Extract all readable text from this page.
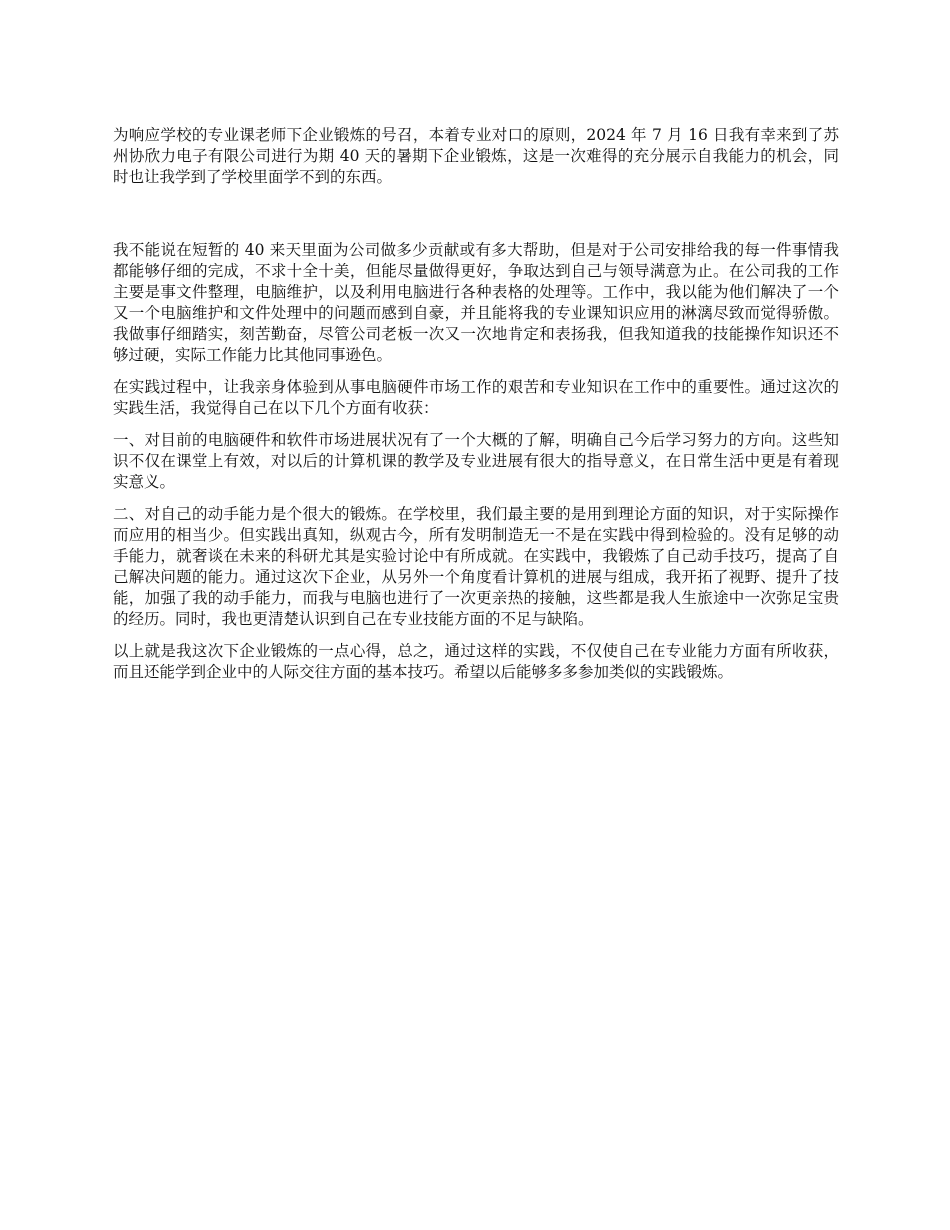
为响应学校的专业课老师下企业锻炼的号召，本着专业对口的原则，2024 年 7 月 16 日我有幸来到了苏州协欣力电子有限公司进行为期 40 天的暑期下企业锻炼，这是一次难得的充分展示自我能力的机会，同时也让我学到了学校里面学不到的东西。

我不能说在短暂的 40 来天里面为公司做多少贡献或有多大帮助，但是对于公司安排给我的每一件事情我都能够仔细的完成，不求十全十美，但能尽量做得更好，争取达到自己与领导满意为止。在公司我的工作主要是事文件整理，电脑维护，以及利用电脑进行各种表格的处理等。工作中，我以能为他们解决了一个又一个电脑维护和文件处理中的问题而感到自豪，并且能将我的专业课知识应用的淋漓尽致而觉得骄傲。我做事仔细踏实，刻苦勤奋，尽管公司老板一次又一次地肯定和表扬我，但我知道我的技能操作知识还不够过硬，实际工作能力比其他同事逊色。

在实践过程中，让我亲身体验到从事电脑硬件市场工作的艰苦和专业知识在工作中的重要性。通过这次的实践生活，我觉得自己在以下几个方面有收获：

一、对目前的电脑硬件和软件市场进展状况有了一个大概的了解，明确自己今后学习努力的方向。这些知识不仅在课堂上有效，对以后的计算机课的教学及专业进展有很大的指导意义，在日常生活中更是有着现实意义。

二、对自己的动手能力是个很大的锻炼。在学校里，我们最主要的是用到理论方面的知识，对于实际操作而应用的相当少。但实践出真知，纵观古今，所有发明制造无一不是在实践中得到检验的。没有足够的动手能力，就奢谈在未来的科研尤其是实验讨论中有所成就。在实践中，我锻炼了自己动手技巧，提高了自己解决问题的能力。通过这次下企业，从另外一个角度看计算机的进展与组成，我开拓了视野、提升了技能，加强了我的动手能力，而我与电脑也进行了一次更亲热的接触，这些都是我人生旅途中一次弥足宝贵的经历。同时，我也更清楚认识到自己在专业技能方面的不足与缺陷。

以上就是我这次下企业锻炼的一点心得，总之，通过这样的实践，不仅使自己在专业能力方面有所收获，而且还能学到企业中的人际交往方面的基本技巧。希望以后能够多多参加类似的实践锻炼。
